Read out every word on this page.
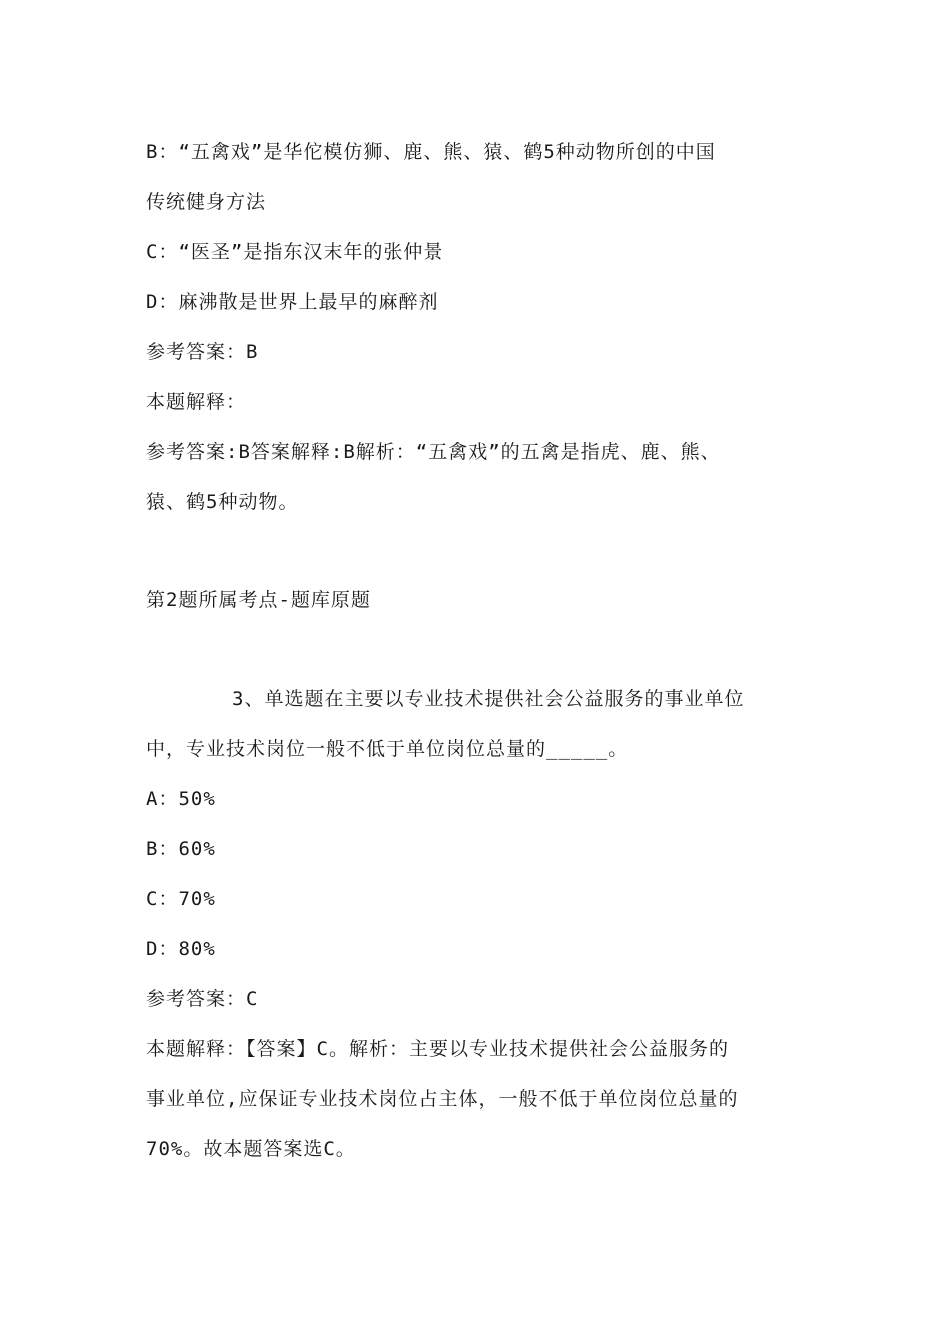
B：“五禽戏”是华佗模仿狮、鹿、熊、猿、鹤5种动物所创的中国
传统健身方法
C：“医圣”是指东汉末年的张仲景
D：麻沸散是世界上最早的麻醉剂
参考答案：B
本题解释：
参考答案:B答案解释:B解析：“五禽戏”的五禽是指虎、鹿、熊、
猿、鹤5种动物。
第2题所属考点-题库原题
3、单选题在主要以专业技术提供社会公益服务的事业单位
中，专业技术岗位一般不低于单位岗位总量的_____。
A：50%
B：60%
C：70%
D：80%
参考答案：C
本题解释：【答案】C。解析：主要以专业技术提供社会公益服务的
事业单位,应保证专业技术岗位占主体，一般不低于单位岗位总量的
70%。故本题答案选C。
